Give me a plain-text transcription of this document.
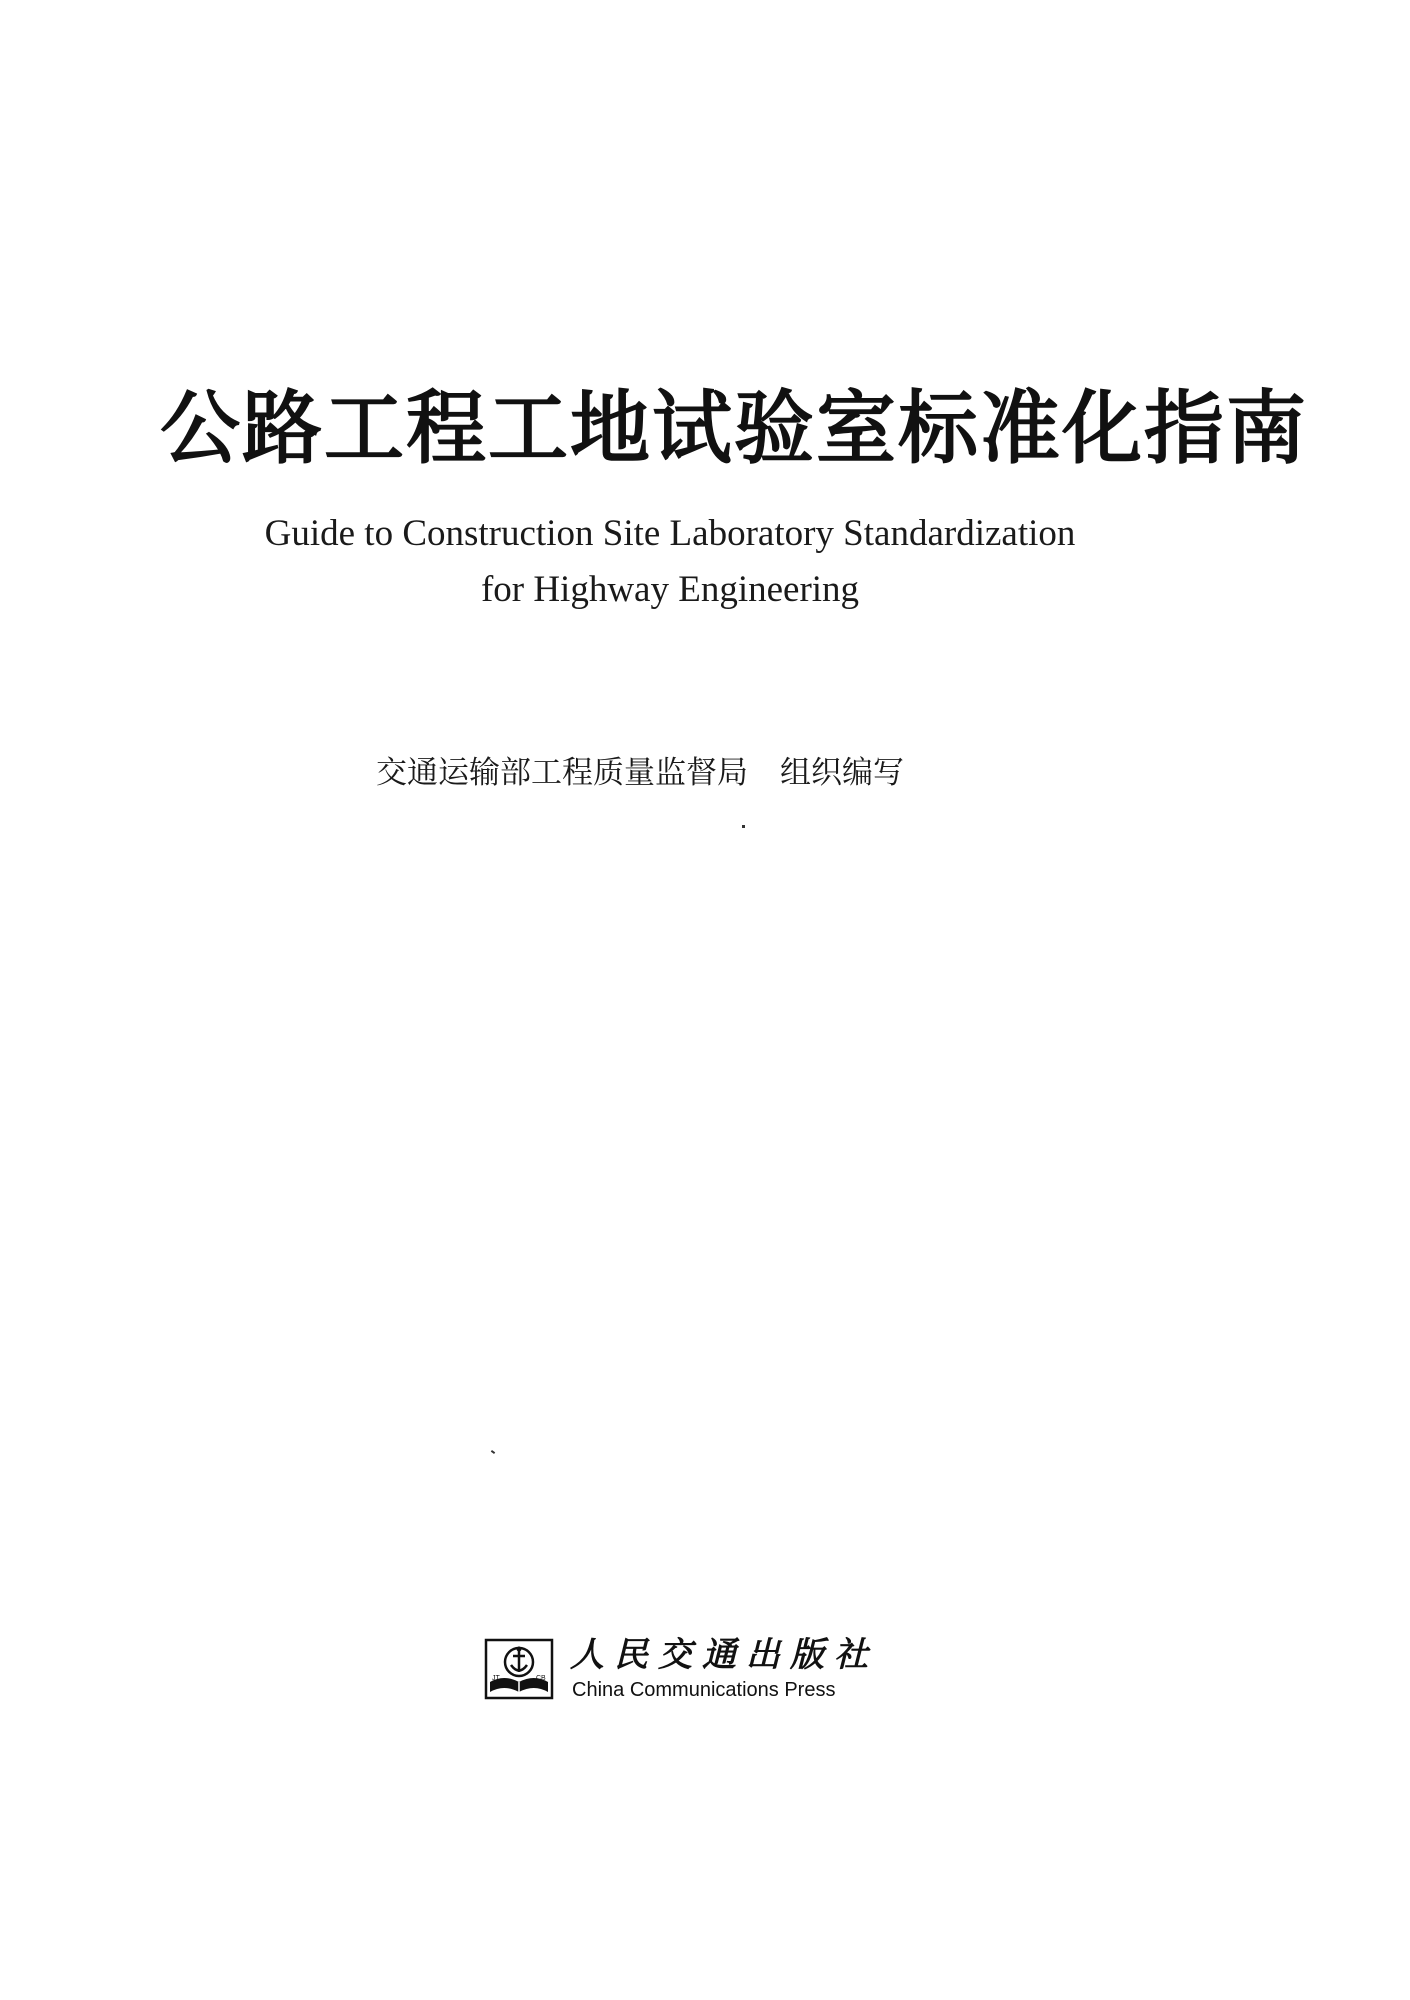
公路工程工地试验室标准化指南
Guide to Construction Site Laboratory Standardization
for Highway Engineering
交通运输部工程质量监督局 组织编写
JT	CB
人民交通出版社
China Communications Press
